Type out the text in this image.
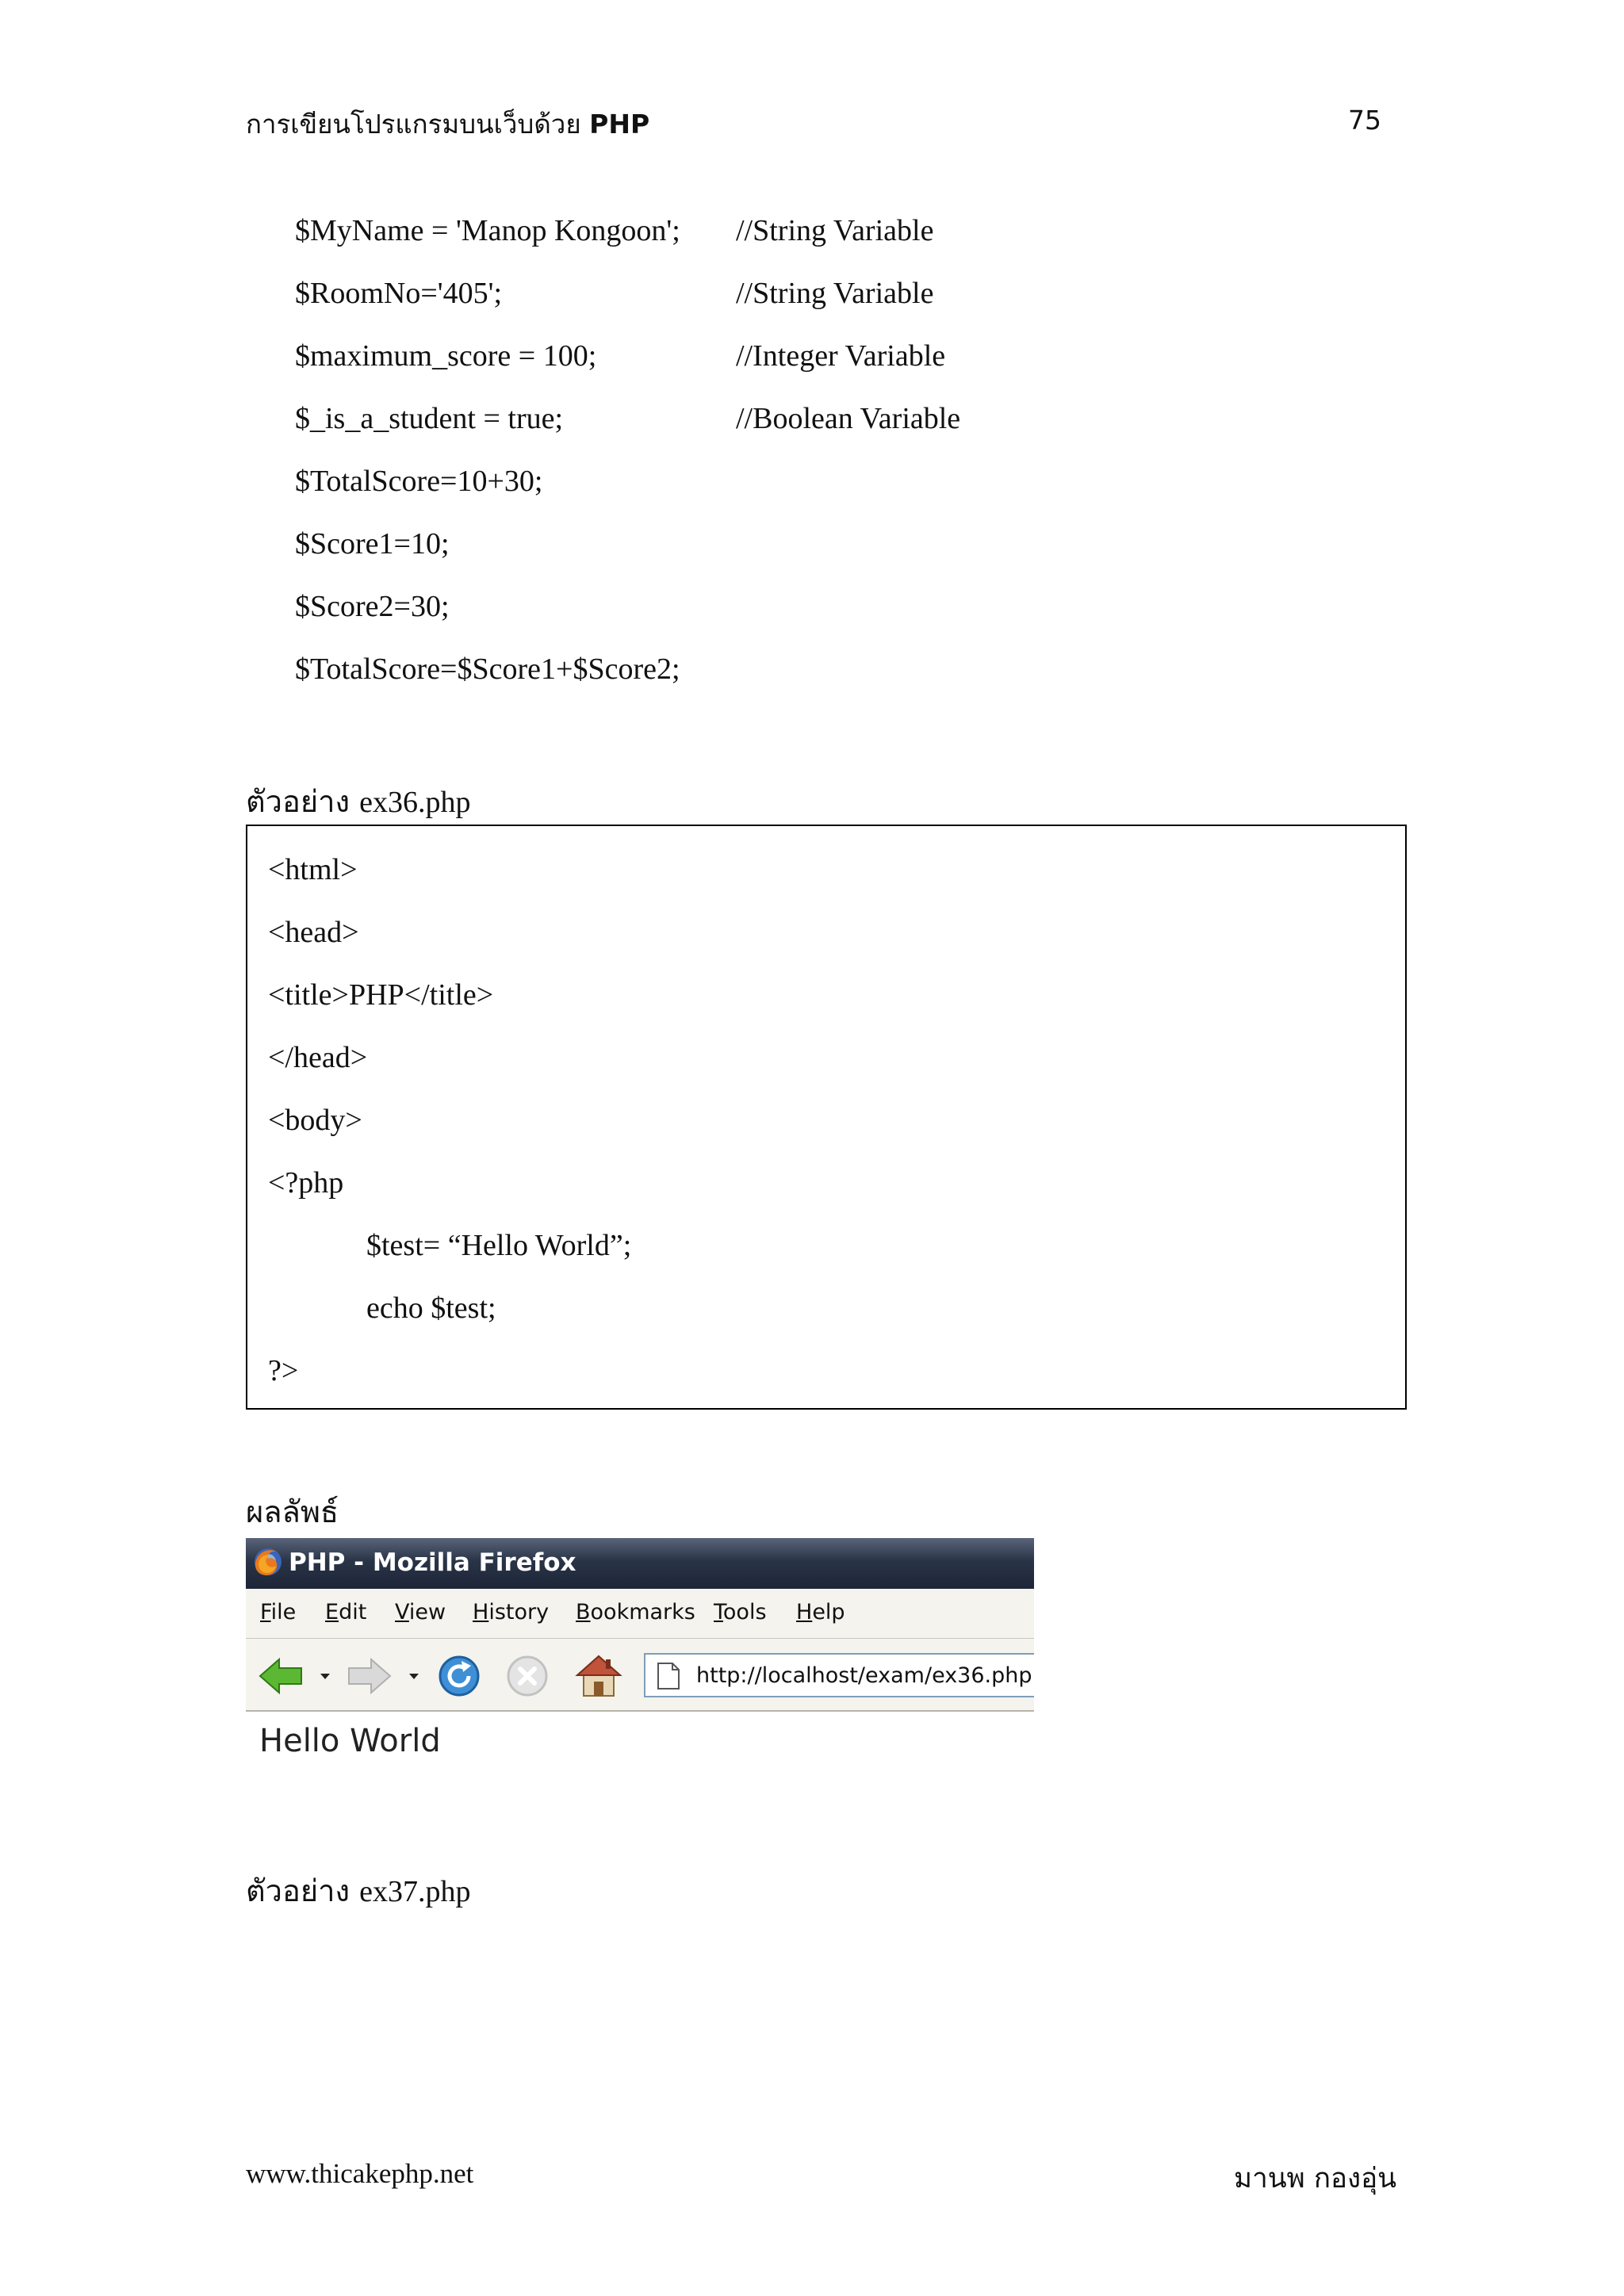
การเขียนโปรแกรมบนเว็บด้วย PHP	75
$MyName = 'Manop Kongoon'; //String Variable
$RoomNo='405';	//String Variable
$maximum_score = 100;	//Integer Variable
$_is_a_student = true;	//Boolean Variable
$TotalScore=10+30;
$Score1=10;
$Score2=30;
$TotalScore=$Score1+$Score2;
ตัวอย่าง ex36.php
<html>
<head>
<title>PHP</title>
</head>
<body>
<?php
$test= “Hello World”;
echo $test;
?>
ผลลัพธ์
PHP - Mozilla Firefox
File Edit View History Bookmarks Tools Help
http://localhost/exam/ex36.php
Hello World
ตัวอย่าง ex37.php
www.thicakephp.net	มานพ กองอุ่น
